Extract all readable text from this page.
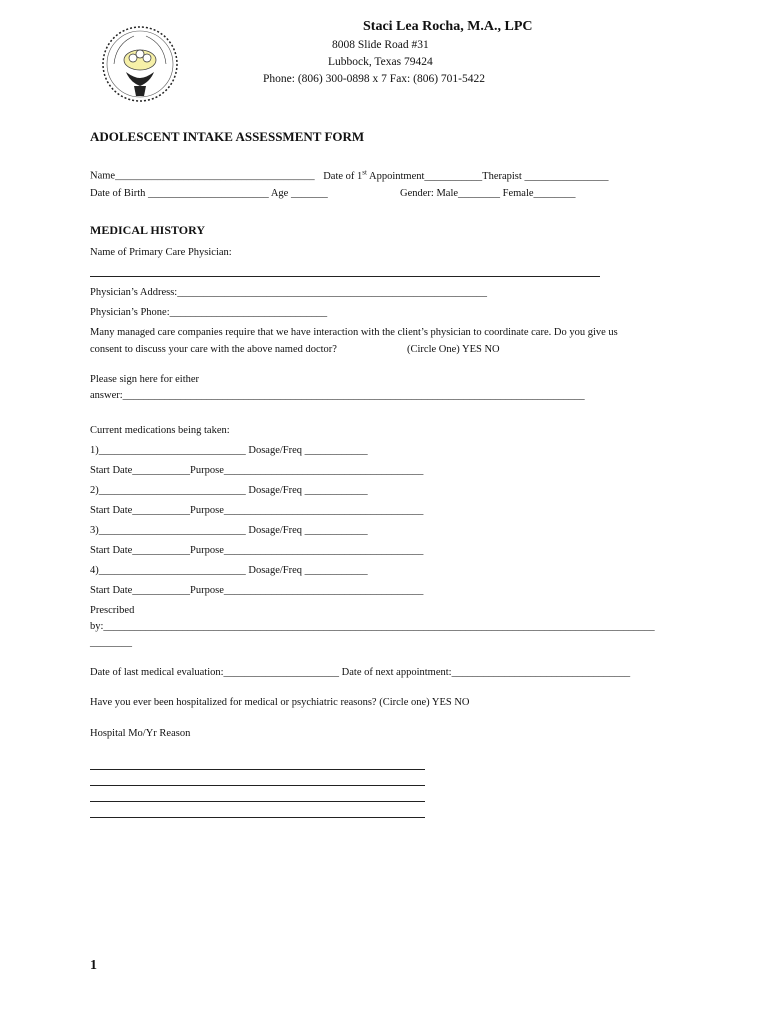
Staci Lea Rocha, M.A., LPC
8008 Slide Road #31
Lubbock, Texas 79424
Phone: (806) 300-0898 x 7 Fax: (806) 701-5422
ADOLESCENT INTAKE ASSESSMENT FORM
Name______________________________________ Date of 1st Appointment___________Therapist ________________
Date of Birth _______________________ Age _______	Gender: Male________ Female________
MEDICAL HISTORY
Name of Primary Care Physician:
Physician’s Address:___________________________________________________________
Physician’s Phone:______________________________
Many managed care companies require that we have interaction with the client’s physician to coordinate care. Do you give us
consent to discuss your care with the above named doctor?	(Circle One) YES NO
Please sign here for either
answer:________________________________________________________________________________________
Current medications being taken:
1)____________________________ Dosage/Freq ____________
Start Date___________Purpose______________________________________
2)____________________________ Dosage/Freq ____________
Start Date___________Purpose______________________________________
3)____________________________ Dosage/Freq ____________
Start Date___________Purpose______________________________________
4)____________________________ Dosage/Freq ____________
Start Date___________Purpose______________________________________
Prescribed
by:_________________________________________________________________________________________________________
________
Date of last medical evaluation:______________________ Date of next appointment:__________________________________
Have you ever been hospitalized for medical or psychiatric reasons? (Circle one) YES NO
Hospital Mo/Yr Reason
1
